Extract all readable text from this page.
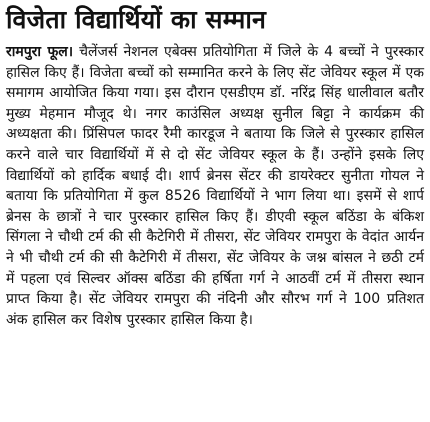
विजेता विद्यार्थियों का सम्मान

रामपुरा फूल। चैलेंजर्स नेशनल एबेक्स प्रतियोगिता में जिले के 4 बच्चों ने पुरस्कार हासिल किए हैं। विजेता बच्चों को सम्मानित करने के लिए सेंट जेवियर स्कूल में एक समागम आयोजित किया गया। इस दौरान एसडीएम डॉ. नरिंद्र सिंह धालीवाल बतौर मुख्य मेहमान मौजूद थे। नगर काउंसिल अध्यक्ष सुनील बिट्टा ने कार्यक्रम की अध्यक्षता की। प्रिंसिपल फादर रैमी कारडूज ने बताया कि जिले से पुरस्कार हासिल करने वाले चार विद्यार्थियों में से दो सेंट जेवियर स्कूल के हैं। उन्होंने इसके लिए विद्यार्थियों को हार्दिक बधाई दी। शार्प ब्रेनस सेंटर की डायरेक्टर सुनीता गोयल ने बताया कि प्रतियोगिता में कुल 8526 विद्यार्थियों ने भाग लिया था। इसमें से शार्प ब्रेनस के छात्रों ने चार पुरस्कार हासिल किए हैं। डीएवी स्कूल बठिंडा के बंकिश सिंगला ने चौथी टर्म की सी कैटेगिरी में तीसरा, सेंट जेवियर रामपुरा के वेदांत आर्यन ने भी चौथी टर्म की सी कैटेगिरी में तीसरा, सेंट जेवियर के जश्न बांसल ने छठी टर्म में पहला एवं सिल्वर ऑक्स बठिंडा की हर्षिता गर्ग ने आठवीं टर्म में तीसरा स्थान प्राप्त किया है। सेंट जेवियर रामपुरा की नंदिनी और सौरभ गर्ग ने 100 प्रतिशत अंक हासिल कर विशेष पुरस्कार हासिल किया है।
